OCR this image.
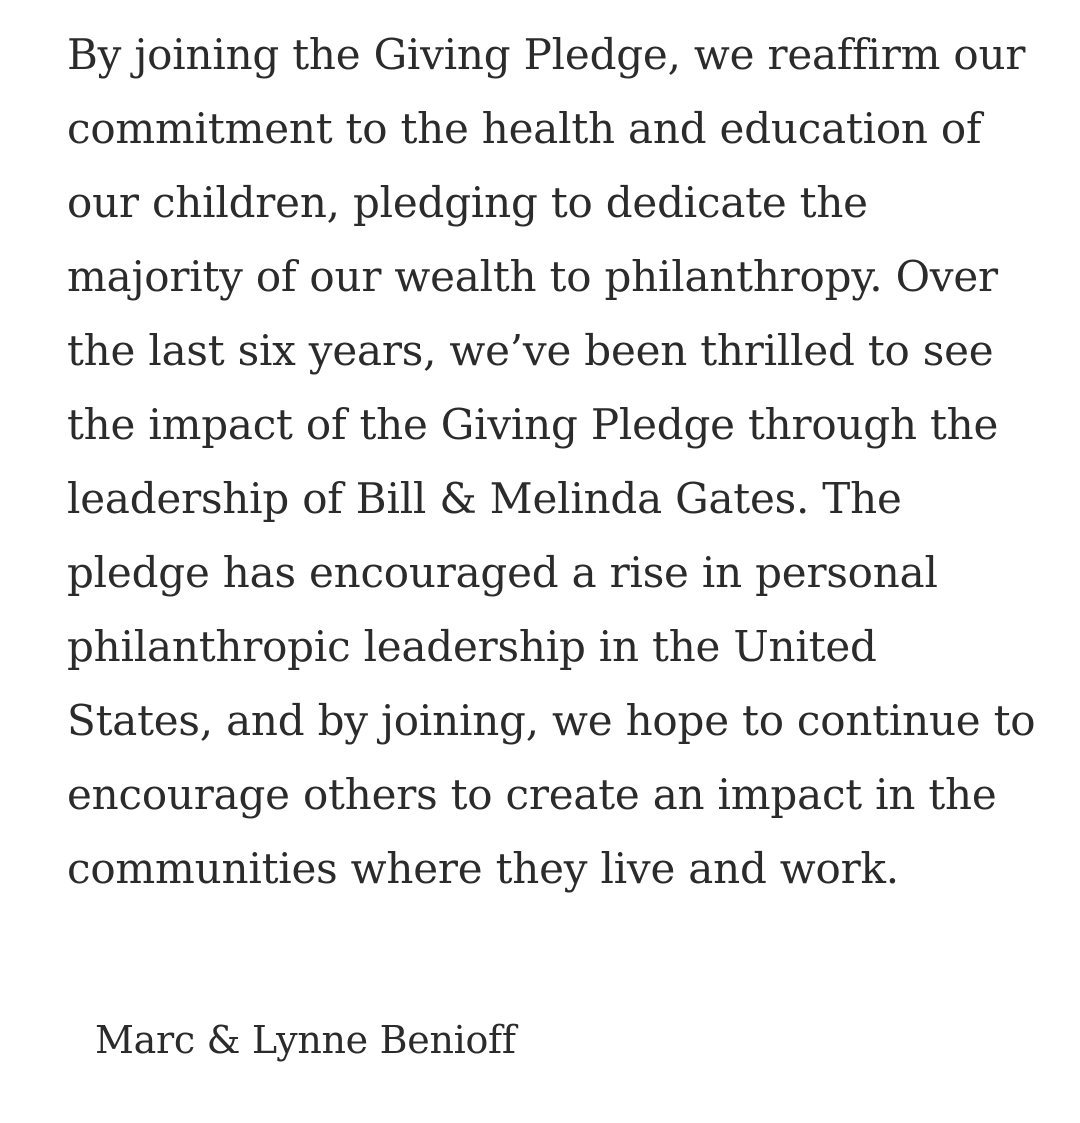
By joining the Giving Pledge, we reaffirm our
commitment to the health and education of
our children, pledging to dedicate the
majority of our wealth to philanthropy. Over
the last six years, we’ve been thrilled to see
the impact of the Giving Pledge through the
leadership of Bill & Melinda Gates. The
pledge has encouraged a rise in personal
philanthropic leadership in the United
States, and by joining, we hope to continue to
encourage others to create an impact in the
communities where they live and work.

Marc & Lynne Benioff
